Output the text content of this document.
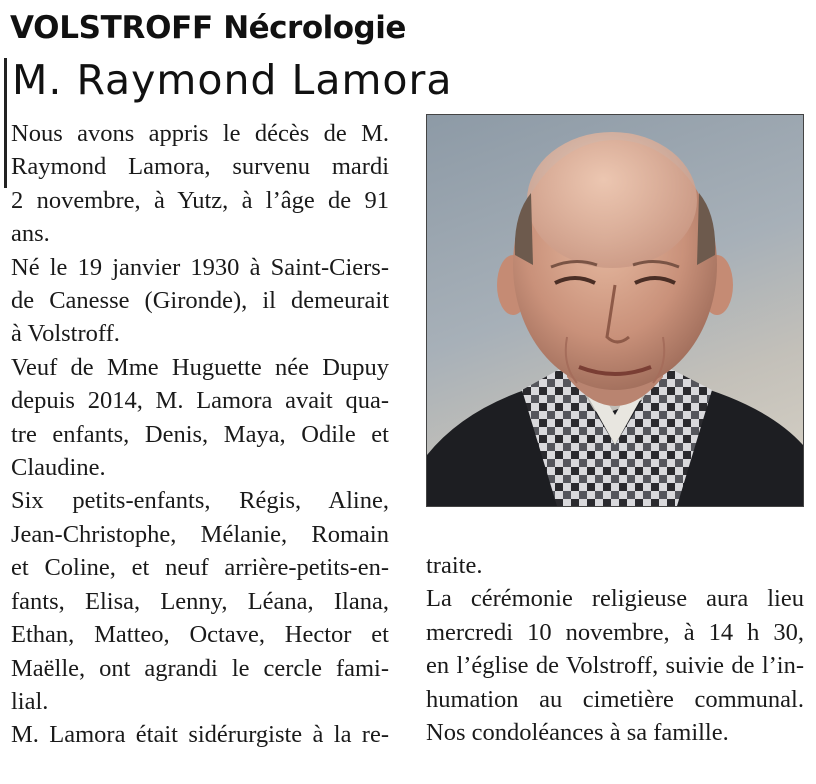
VOLSTROFF Nécrologie
M. Raymond Lamora
Nous avons appris le décès de M.
Raymond Lamora, survenu mardi
2 novembre, à Yutz, à l’âge de 91
ans.
Né le 19 janvier 1930 à Saint-Ciers-
de Canesse (Gironde), il demeurait
à Volstroff.
Veuf de Mme Huguette née Dupuy
depuis 2014, M. Lamora avait qua-
tre enfants, Denis, Maya, Odile et
Claudine.
Six petits-enfants, Régis, Aline,
Jean-Christophe, Mélanie, Romain
et Coline, et neuf arrière-petits-en-
fants, Elisa, Lenny, Léana, Ilana,
Ethan, Matteo, Octave, Hector et
Maëlle, ont agrandi le cercle fami-
lial.
M. Lamora était sidérurgiste à la re-
traite.
La cérémonie religieuse aura lieu
mercredi 10 novembre, à 14 h 30,
en l’église de Volstroff, suivie de l’in-
humation au cimetière communal.
Nos condoléances à sa famille.
